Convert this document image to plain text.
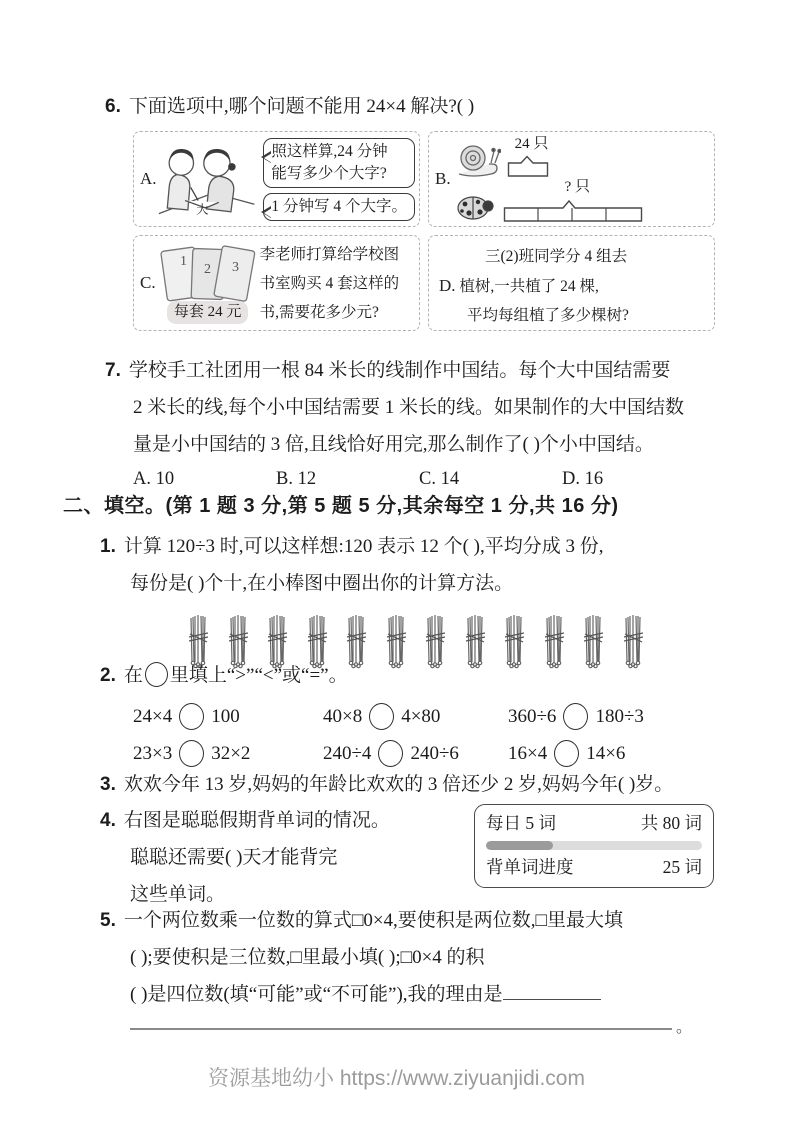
6. 下面选项中,哪个问题不能用 24×4 解决?( )
A.
大
照这样算,24 分钟
能写多少个大字?
1 分钟写 4 个大字。
B.
24 只
? 只
C.
1
2 3
每套 24 元
李老师打算给学校图
书室购买 4 套这样的
书,需要花多少元?
三(2)班同学分 4 组去
D. 植树,一共植了 24 棵,
平均每组植了多少棵树?
7. 学校手工社团用一根 84 米长的线制作中国结。每个大中国结需要
2 米长的线,每个小中国结需要 1 米长的线。如果制作的大中国结数
量是小中国结的 3 倍,且线恰好用完,那么制作了( )个小中国结。
A. 10	B. 12	C. 14	D. 16
二、填空。(第 1 题 3 分,第 5 题 5 分,其余每空 1 分,共 16 分)
1. 计算 120÷3 时,可以这样想:120 表示 12 个( ),平均分成 3 份,
每份是( )个十,在小棒图中圈出你的计算方法。
2. 在 里填上“>”“<”或“=”。
24×4 100	40×8 4×80	360÷6 180÷3
23×3 32×2	240÷4 240÷6	16×4 14×6
3. 欢欢今年 13 岁,妈妈的年龄比欢欢的 3 倍还少 2 岁,妈妈今年( )岁。
4. 右图是聪聪假期背单词的情况。
聪聪还需要( )天才能背完
这些单词。
每日 5 词	共 80 词
背单词进度	25 词
5. 一个两位数乘一位数的算式□0×4,要使积是两位数,□里最大填
( );要使积是三位数,□里最小填( );□0×4 的积
( )是四位数(填“可能”或“不可能”),我的理由是
。
资源基地幼小 https://www.ziyuanjidi.com
